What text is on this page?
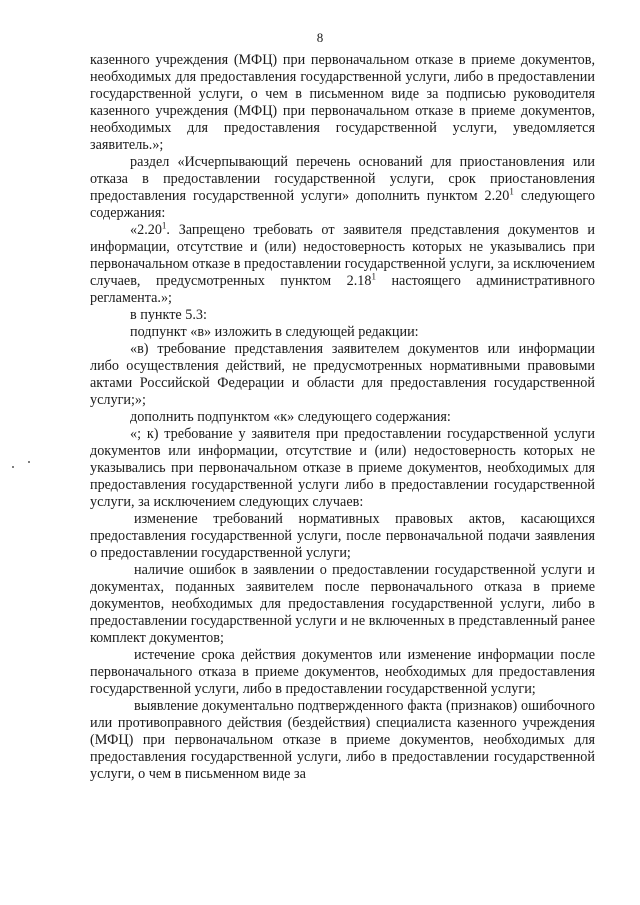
8

казенного учреждения (МФЦ) при первоначальном отказе в приеме документов, необходимых для предоставления государственной услуги, либо в предоставлении государственной услуги, о чем в письменном виде за подписью руководителя казенного учреждения (МФЦ) при первоначальном отказе в приеме документов, необходимых для предоставления государственной услуги, уведомляется заявитель.»;

раздел «Исчерпывающий перечень оснований для приостановления или отказа в предоставлении государственной услуги, срок приостановления предоставления государственной услуги» дополнить пунктом 2.20$^1$ следующего содержания:

«2.20$^1$. Запрещено требовать от заявителя представления документов и информации, отсутствие и (или) недостоверность которых не указывались при первоначальном отказе в предоставлении государственной услуги, за исключением случаев, предусмотренных пунктом 2.18$^1$ настоящего административного регламента.»;

в пункте 5.3:

подпункт «в» изложить в следующей редакции:

«в) требование представления заявителем документов или информации либо осуществления действий, не предусмотренных нормативными правовыми актами Российской Федерации и области для предоставления государственной услуги;»;

дополнить подпунктом «к» следующего содержания:

«; к) требование у заявителя при предоставлении государственной услуги документов или информации, отсутствие и (или) недостоверность которых не указывались при первоначальном отказе в приеме документов, необходимых для предоставления государственной услуги либо в предоставлении государственной услуги, за исключением следующих случаев:

изменение требований нормативных правовых актов, касающихся предоставления государственной услуги, после первоначальной подачи заявления о предоставлении государственной услуги;

наличие ошибок в заявлении о предоставлении государственной услуги и документах, поданных заявителем после первоначального отказа в приеме документов, необходимых для предоставления государственной услуги, либо в предоставлении государственной услуги и не включенных в представленный ранее комплект документов;

истечение срока действия документов или изменение информации после первоначального отказа в приеме документов, необходимых для предоставления государственной услуги, либо в предоставлении государственной услуги;

выявление документально подтвержденного факта (признаков) ошибочного или противоправного действия (бездействия) специалиста казенного учреждения (МФЦ) при первоначальном отказе в приеме документов, необходимых для предоставления государственной услуги, либо в предоставлении государственной услуги, о чем в письменном виде за
